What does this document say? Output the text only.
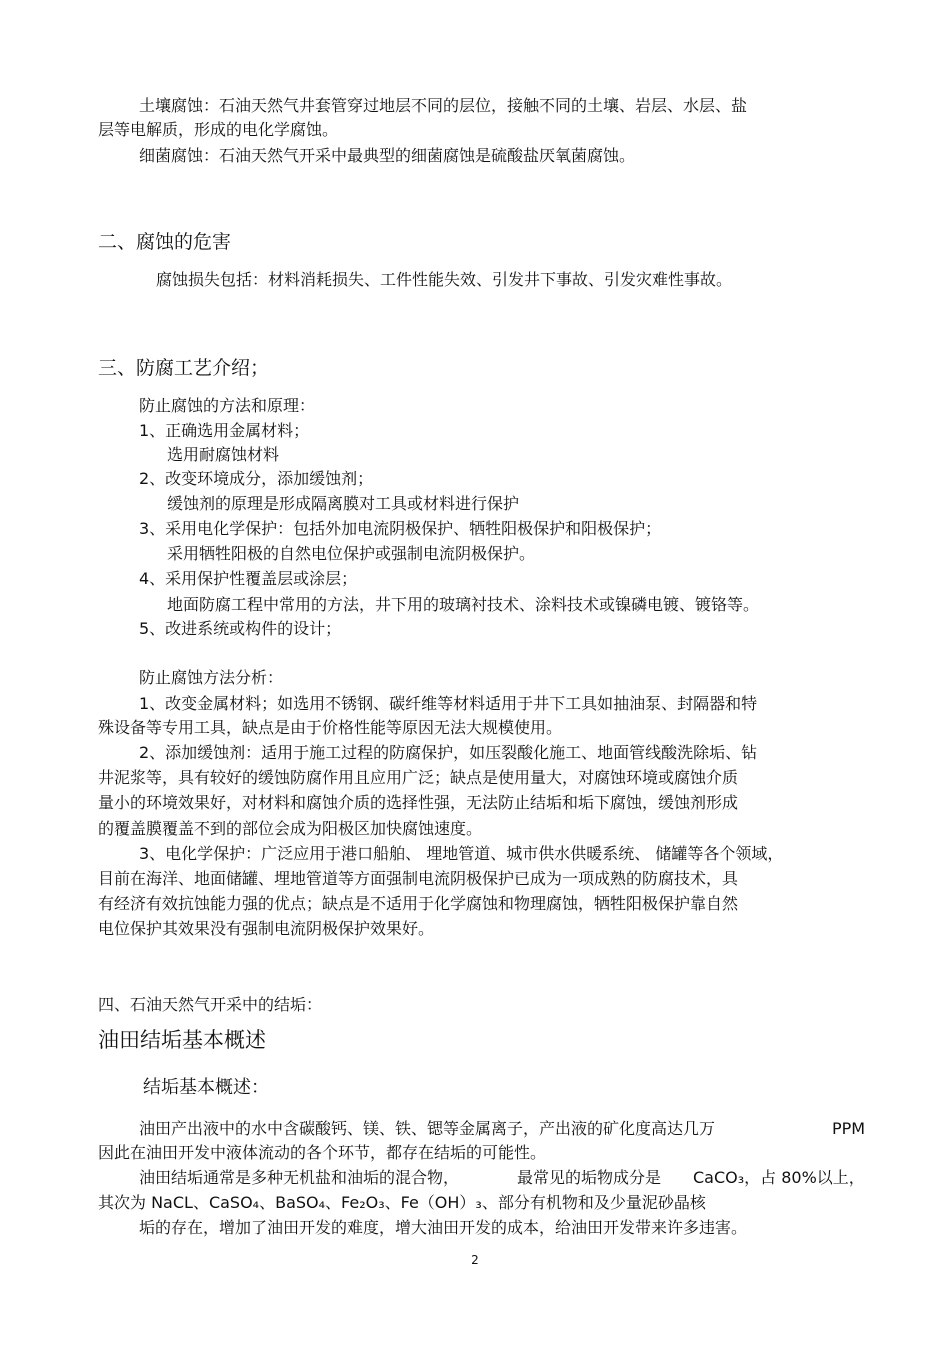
土壤腐蚀：石油天然气井套管穿过地层不同的层位，接触不同的土壤、岩层、水层、盐
层等电解质，形成的电化学腐蚀。
细菌腐蚀：石油天然气开采中最典型的细菌腐蚀是硫酸盐厌氧菌腐蚀。
二、腐蚀的危害
腐蚀损失包括：材料消耗损失、工件性能失效、引发井下事故、引发灾难性事故。
三、防腐工艺介绍；
防止腐蚀的方法和原理：
1、正确选用金属材料；
选用耐腐蚀材料
2、改变环境成分，添加缓蚀剂；
缓蚀剂的原理是形成隔离膜对工具或材料进行保护
3、采用电化学保护：包括外加电流阴极保护、牺牲阳极保护和阳极保护；
采用牺牲阳极的自然电位保护或强制电流阴极保护。
4、采用保护性覆盖层或涂层；
地面防腐工程中常用的方法，井下用的玻璃衬技术、涂料技术或镍磷电镀、镀铬等。
5、改进系统或构件的设计；
防止腐蚀方法分析：
1、改变金属材料；如选用不锈钢、碳纤维等材料适用于井下工具如抽油泵、封隔器和特
殊设备等专用工具，缺点是由于价格性能等原因无法大规模使用。
2、添加缓蚀剂：适用于施工过程的防腐保护，如压裂酸化施工、地面管线酸洗除垢、钻
井泥浆等，具有较好的缓蚀防腐作用且应用广泛；缺点是使用量大，对腐蚀环境或腐蚀介质
量小的环境效果好，对材料和腐蚀介质的选择性强，无法防止结垢和垢下腐蚀，缓蚀剂形成
的覆盖膜覆盖不到的部位会成为阳极区加快腐蚀速度。
3、电化学保护：广泛应用于港口船舶、 埋地管道、城市供水供暖系统、 储罐等各个领域，
目前在海洋、地面储罐、埋地管道等方面强制电流阴极保护已成为一项成熟的防腐技术，具
有经济有效抗蚀能力强的优点；缺点是不适用于化学腐蚀和物理腐蚀，牺牲阳极保护靠自然
电位保护其效果没有强制电流阴极保护效果好。
四、石油天然气开采中的结垢：
油田结垢基本概述
结垢基本概述：
油田产出液中的水中含碳酸钙、镁、铁、锶等金属离子，产出液的矿化度高达几万	PPM
因此在油田开发中液体流动的各个环节，都存在结垢的可能性。
油田结垢通常是多种无机盐和油垢的混合物，	最常见的垢物成分是 CaCO₃，占 80%以上，
其次为 NaCL、CaSO₄、BaSO₄、Fe₂O₃、Fe（OH）₃、部分有机物和及少量泥砂晶核
垢的存在，增加了油田开发的难度，增大油田开发的成本，给油田开发带来许多违害。
2
